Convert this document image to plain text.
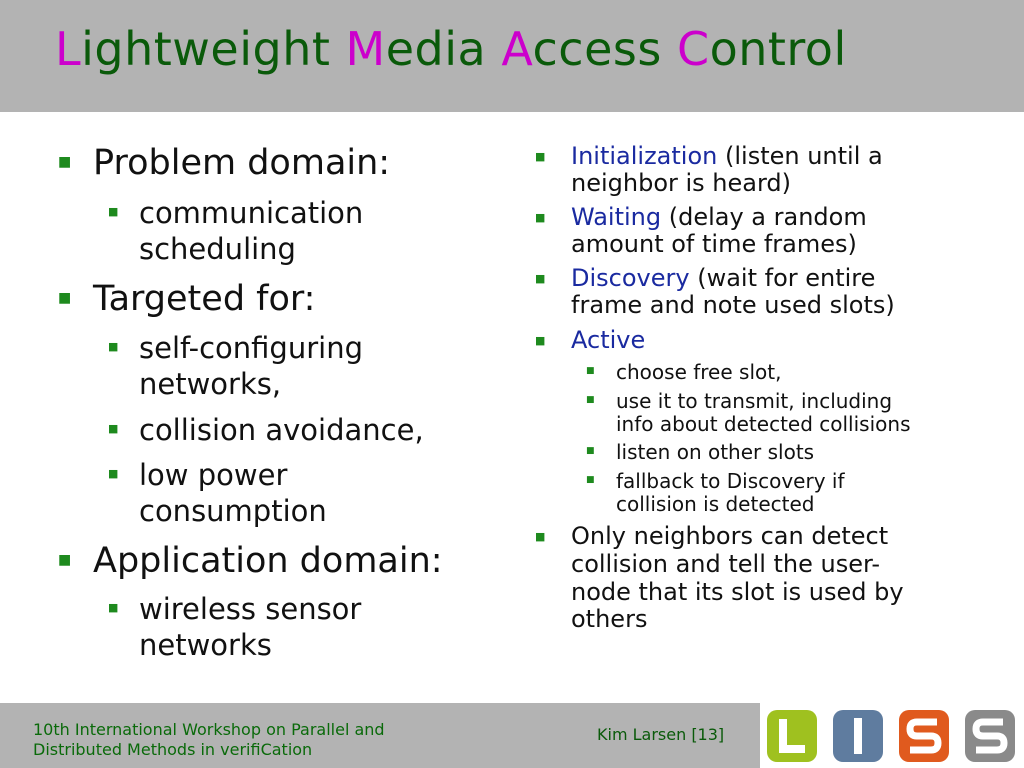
Lightweight Media Access Control
■ Problem domain:
■ communication
scheduling
■ Targeted for:
■ self-configuring
networks,
■ collision avoidance,
■ low power
consumption
■ Application domain:
■ wireless sensor
networks
■ Initialization (listen until a
neighbor is heard)
■ Waiting (delay a random
amount of time frames)
■ Discovery (wait for entire
frame and note used slots)
■ Active
■ choose free slot,
■ use it to transmit, including
info about detected collisions
■ listen on other slots
■ fallback to Discovery if
collision is detected
■ Only neighbors can detect
collision and tell the user-
node that its slot is used by
others
10th International Workshop on Parallel and
Distributed Methods in verifiCation
Kim Larsen [13]
